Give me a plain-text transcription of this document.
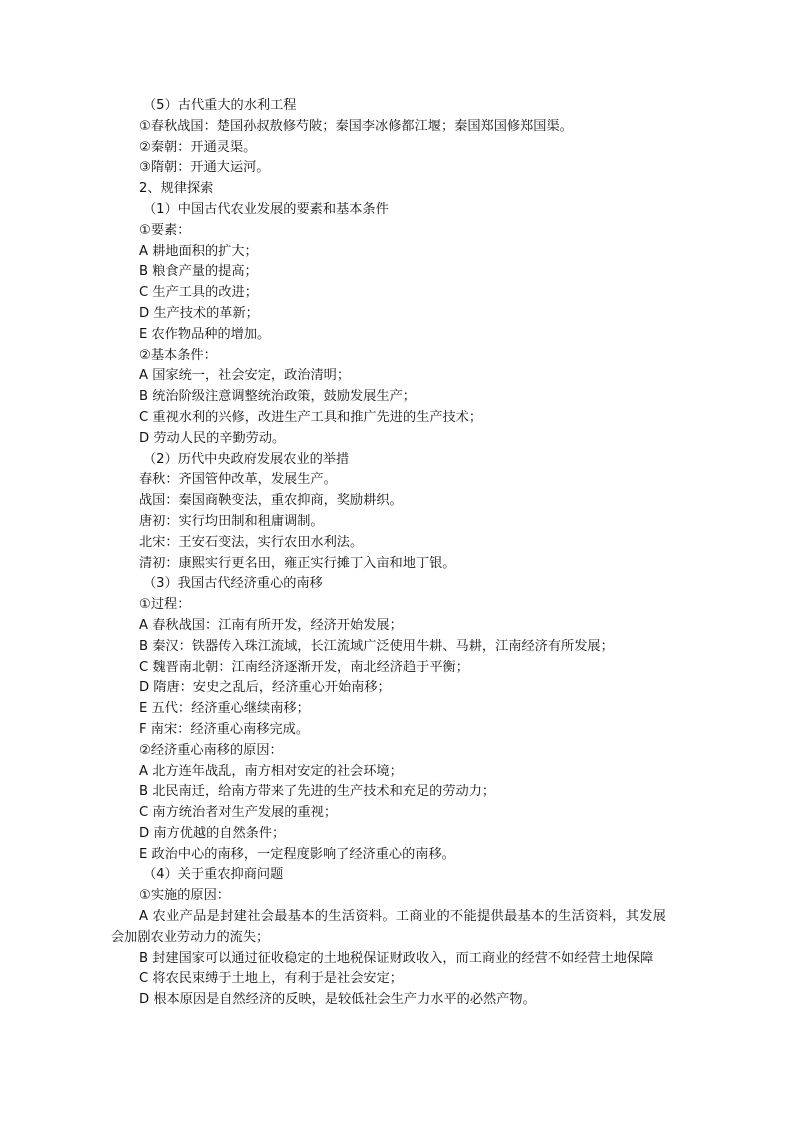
（5）古代重大的水利工程
①春秋战国：楚国孙叔敖修芍陂；秦国李冰修都江堰；秦国郑国修郑国渠。
②秦朝：开通灵渠。
③隋朝：开通大运河。
2、规律探索
（1）中国古代农业发展的要素和基本条件
①要素：
A 耕地面积的扩大；
B 粮食产量的提高；
C 生产工具的改进；
D 生产技术的革新；
E 农作物品种的增加。
②基本条件：
A 国家统一，社会安定，政治清明；
B 统治阶级注意调整统治政策，鼓励发展生产；
C 重视水利的兴修，改进生产工具和推广先进的生产技术；
D 劳动人民的辛勤劳动。
（2）历代中央政府发展农业的举措
春秋：齐国管仲改革，发展生产。
战国：秦国商鞅变法，重农抑商，奖励耕织。
唐初：实行均田制和租庸调制。
北宋：王安石变法，实行农田水利法。
清初：康熙实行更名田，雍正实行摊丁入亩和地丁银。
（3）我国古代经济重心的南移
①过程：
A 春秋战国：江南有所开发，经济开始发展；
B 秦汉：铁器传入珠江流域，长江流域广泛使用牛耕、马耕，江南经济有所发展；
C 魏晋南北朝：江南经济逐渐开发，南北经济趋于平衡；
D 隋唐：安史之乱后，经济重心开始南移；
E 五代：经济重心继续南移；
F 南宋：经济重心南移完成。
②经济重心南移的原因：
A 北方连年战乱，南方相对安定的社会环境；
B 北民南迁，给南方带来了先进的生产技术和充足的劳动力；
C 南方统治者对生产发展的重视；
D 南方优越的自然条件；
E 政治中心的南移，一定程度影响了经济重心的南移。
（4）关于重农抑商问题
①实施的原因：
A 农业产品是封建社会最基本的生活资料。工商业的不能提供最基本的生活资料，其发展会加剧农业劳动力的流失；
B 封建国家可以通过征收稳定的土地税保证财政收入，而工商业的经营不如经营土地保障
C 将农民束缚于土地上，有利于是社会安定；
D 根本原因是自然经济的反映，是较低社会生产力水平的必然产物。
